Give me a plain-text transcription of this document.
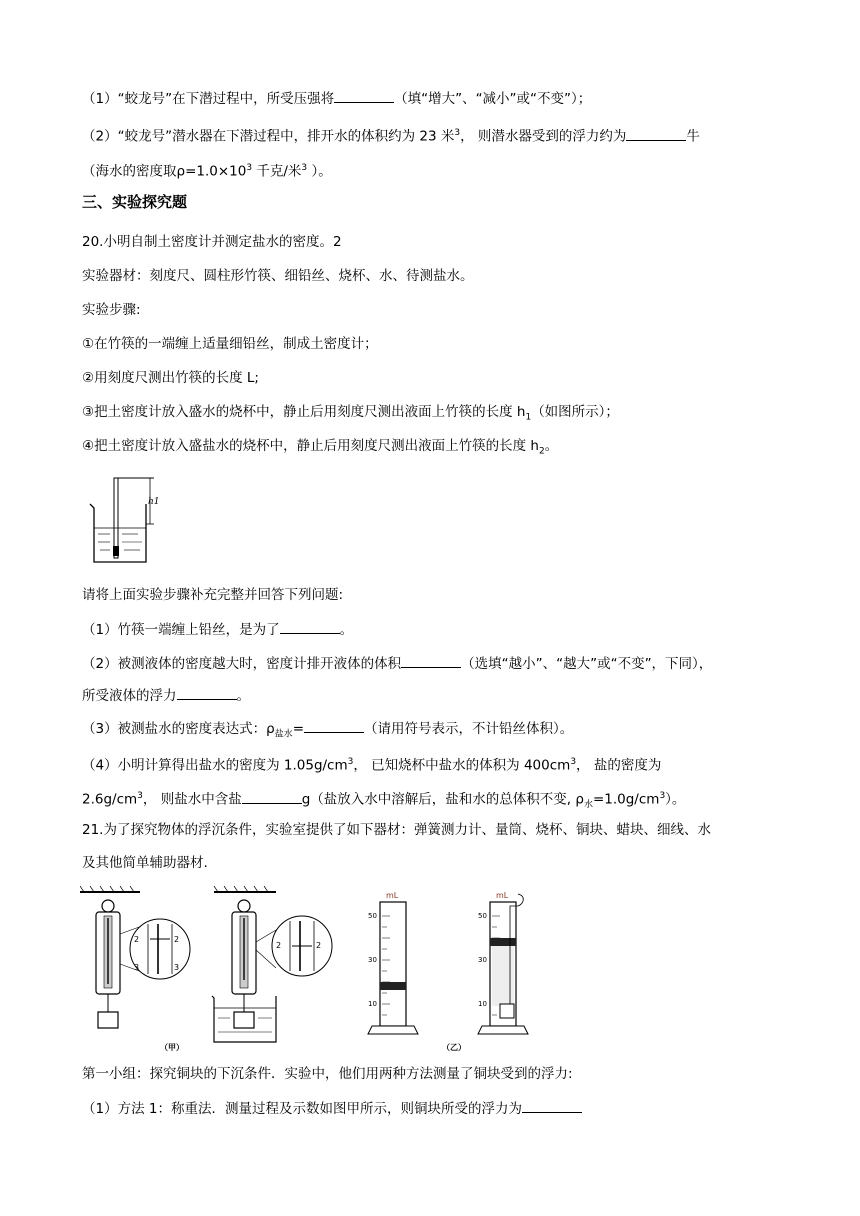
（1）“蛟龙号”在下潜过程中，所受压强将	（填“增大”、“减小”或“不变”）；
（2）“蛟龙号”潜水器在下潜过程中，排开水的体积约为 23 米$^3$， 则潜水器受到的浮力约为	牛
（海水的密度取$\rho=1.0\times 10^3$ 千克/米$^3$ ）。
三、实验探究题
20.小明自制土密度计并测定盐水的密度。2
实验器材：刻度尺、圆柱形竹筷、细铅丝、烧杯、水、待测盐水。
实验步骤:
①在竹筷的一端缠上适量细铅丝，制成土密度计；
②用刻度尺测出竹筷的长度 L;
③把土密度计放入盛水的烧杯中，静止后用刻度尺测出液面上竹筷的长度 $h_1$（如图所示）；
④把土密度计放入盛盐水的烧杯中，静止后用刻度尺测出液面上竹筷的长度 $h_2$。
h1
请将上面实验步骤补充完整并回答下列问题:
（1）竹筷一端缠上铅丝，是为了	。
（2）被测液体的密度越大时，密度计排开液体的体积	（选填“越小”、“越大”或“不变”，下同），
所受液体的浮力	。
（3）被测盐水的密度表达式：$\rho_{盐水}=$	（请用符号表示，不计铅丝体积）。
（4）小明计算得出盐水的密度为 $1.05g/cm^3$， 已知烧杯中盐水的体积为 $400cm^3$， 盐的密度为
$2.6g/cm^3$， 则盐水中含盐	g（盐放入水中溶解后，盐和水的总体积不变, $\rho_水=1.0g/cm^3$）。
21.为了探究物体的浮沉条件，实验室提供了如下器材：弹簧测力计、量筒、烧杯、铜块、蜡块、细线、水
及其他简单辅助器材.
2	2
3	3
2	2
mL
50
30
10
mL
50
30
10
（甲）	（乙）
第一小组：探究铜块的下沉条件．实验中，他们用两种方法测量了铜块受到的浮力:
（1）方法 1：称重法．测量过程及示数如图甲所示，则铜块所受的浮力为
